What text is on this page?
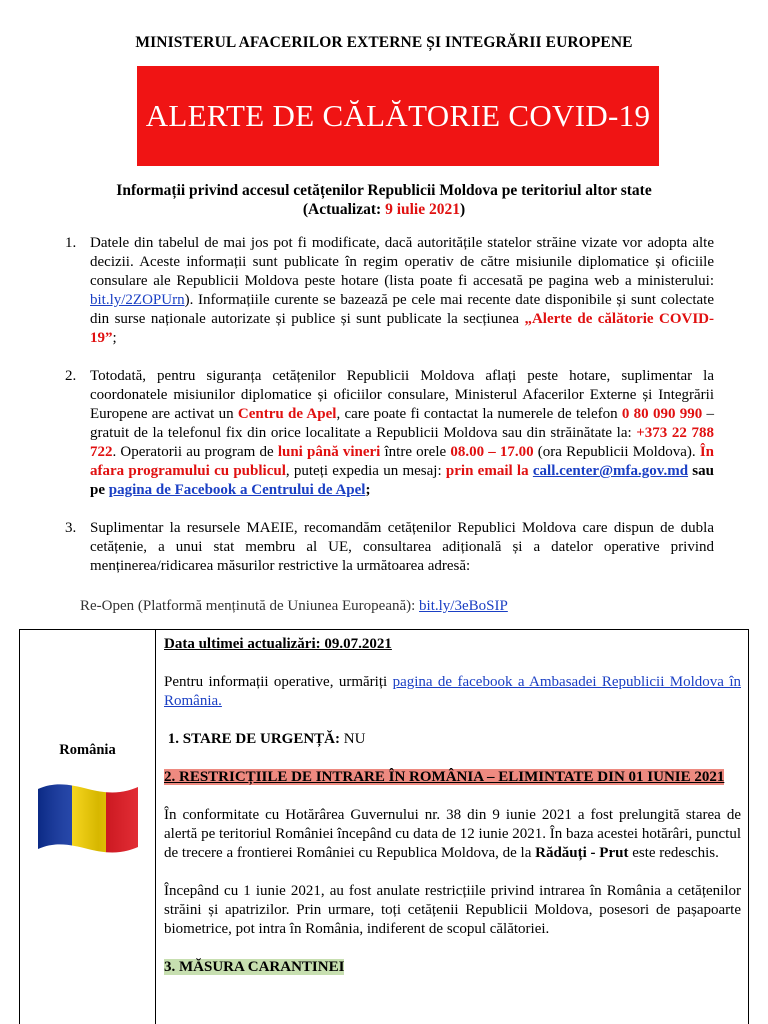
MINISTERUL AFACERILOR EXTERNE ȘI INTEGRĂRII EUROPENE
ALERTE DE CĂLĂTORIE COVID-19
Informații privind accesul cetățenilor Republicii Moldova pe teritoriul altor state
(Actualizat: 9 iulie 2021)
1. Datele din tabelul de mai jos pot fi modificate, dacă autoritățile statelor străine vizate vor adopta alte decizii. Aceste informații sunt publicate în regim operativ de către misiunile diplomatice și oficiile consulare ale Republicii Moldova peste hotare (lista poate fi accesată pe pagina web a ministerului: bit.ly/2ZOPUrn). Informațiile curente se bazează pe cele mai recente date disponibile și sunt colectate din surse naționale autorizate și publice și sunt publicate la secțiunea „Alerte de călătorie COVID-19”;
2. Totodată, pentru siguranța cetățenilor Republicii Moldova aflați peste hotare, suplimentar la coordonatele misiunilor diplomatice și oficiilor consulare, Ministerul Afacerilor Externe și Integrării Europene are activat un Centru de Apel, care poate fi contactat la numerele de telefon 0 80 090 990 – gratuit de la telefonul fix din orice localitate a Republicii Moldova sau din străinătate la: +373 22 788 722. Operatorii au program de luni până vineri între orele 08.00 – 17.00 (ora Republicii Moldova). În afara programului cu publicul, puteți expedia un mesaj: prin email la call.center@mfa.gov.md sau pe pagina de Facebook a Centrului de Apel;
3. Suplimentar la resursele MAEIE, recomandăm cetățenilor Republici Moldova care dispun de dubla cetățenie, a unui stat membru al UE, consultarea adițională și a datelor operative privind menținerea/ridicarea măsurilor restrictive la următoarea adresă:
Re-Open (Platformă menținută de Uniunea Europeană): bit.ly/3eBoSIP
România

Data ultimei actualizări: 09.07.2021

Pentru informații operative, urmăriți pagina de facebook a Ambasadei Republicii Moldova în România.

1. STARE DE URGENȚĂ: NU

2. RESTRICȚIILE DE INTRARE ÎN ROMÂNIA – ELIMINTATE DIN 01 IUNIE 2021

În conformitate cu Hotărârea Guvernului nr. 38 din 9 iunie 2021 a fost prelungită starea de alertă pe teritoriul României începând cu data de 12 iunie 2021. În baza acestei hotărâri, punctul de trecere a frontierei României cu Republica Moldova, de la Rădăuți - Prut este redeschis.

Începând cu 1 iunie 2021, au fost anulate restricțiile privind intrarea în România a cetățenilor străini și apatrizilor. Prin urmare, toți cetățenii Republicii Moldova, posesori de pașapoarte biometrice, pot intra în România, indiferent de scopul călătoriei.

3. MĂSURA CARANTINEI
